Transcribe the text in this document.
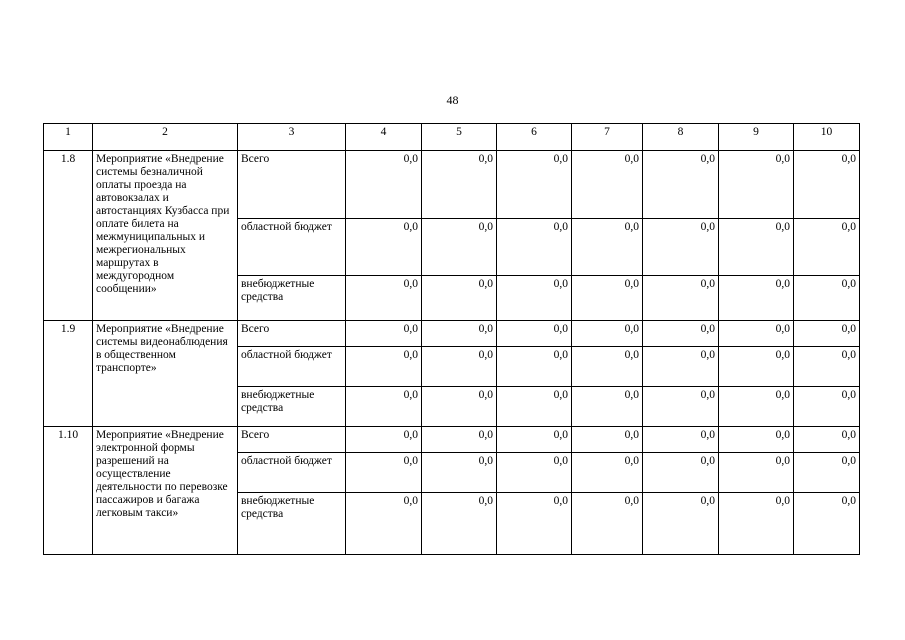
48
1	2	3	4	5	6	7	8	9	10
1.8	Мероприятие «Внедрение системы безналичной оплаты проезда на автовокзалах и автостанциях Кузбасса при оплате билета на межмуниципальных и межрегиональных маршрутах в междугородном сообщении»	Всего	0,0	0,0	0,0	0,0	0,0	0,0	0,0
		областной бюджет	0,0	0,0	0,0	0,0	0,0	0,0	0,0
		внебюджетные средства	0,0	0,0	0,0	0,0	0,0	0,0	0,0
1.9	Мероприятие «Внедрение системы видеонаблюдения в общественном транспорте»	Всего	0,0	0,0	0,0	0,0	0,0	0,0	0,0
		областной бюджет	0,0	0,0	0,0	0,0	0,0	0,0	0,0
		внебюджетные средства	0,0	0,0	0,0	0,0	0,0	0,0	0,0
1.10	Мероприятие «Внедрение электронной формы разрешений на осуществление деятельности по перевозке пассажиров и багажа легковым такси»	Всего	0,0	0,0	0,0	0,0	0,0	0,0	0,0
		областной бюджет	0,0	0,0	0,0	0,0	0,0	0,0	0,0
		внебюджетные средства	0,0	0,0	0,0	0,0	0,0	0,0	0,0
